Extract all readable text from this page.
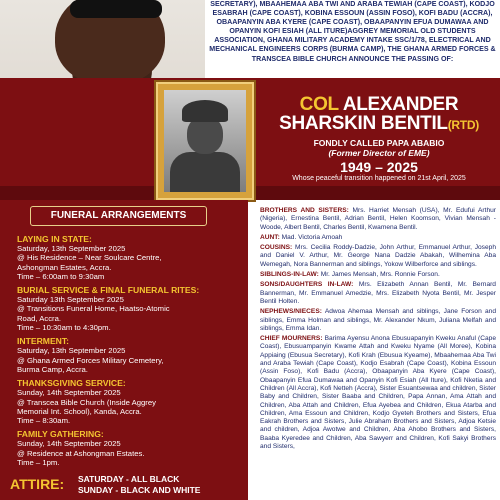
SECRETARY), MBAAHEMAA ABA TWI AND ARABA TEWIAH (CAPE COAST), KODJO ESABRAH (CAPE COAST), KOBINA ESSOUN (ASSIN FOSO), KOFI BADU (ACCRA), OBAAPANYIN ABA KYERE (CAPE COAST), OBAAPANYIN EFUA DUMAWAA AND OPANYIN KOFI ESIAH (ALL ITURE)AGGREY MEMORIAL OLD STUDENTS ASSOCIATION, GHANA MILITARY ACADEMY INTAKE SSC/1/78, ELECTRICAL AND MECHANICAL ENGINEERS CORPS (BURMA CAMP), THE GHANA ARMED FORCES & TRANSCEA BIBLE CHURCH ANNOUNCE THE PASSING OF:
COL ALEXANDER
SHARSKIN BENTIL(RTD)
FONDLY CALLED PAPA ABABIO
(Former Director of EME)
1949 – 2025
Whose peaceful transition happened on 21st April, 2025
FUNERAL ARRANGEMENTS
LAYING IN STATE:
Saturday, 13th September 2025
@ His Residence – Near Soulcare Centre,
Ashongman Estates, Accra.
Time – 6:00am to 9:30am
BURIAL SERVICE & FINAL FUNERAL RITES:
Saturday 13th September 2025
@ Transitions Funeral Home, Haatso-Atomic
Road, Accra.
Time – 10:30am to 4:30pm.
INTERMENT:
Saturday, 13th September 2025
@ Ghana Armed Forces Military Cemetery,
Burma Camp, Accra.
THANKSGIVING SERVICE:
Sunday, 14th September 2025
@ Transcea Bible Church (Inside Aggrey
Memorial Int. School), Kanda, Accra.
Time – 8:30am.
FAMILY GATHERING:
Sunday, 14th September 2025
@ Residence at Ashongman Estates.
Time – 1pm.
ATTIRE: SATURDAY - ALL BLACK
SUNDAY - BLACK AND WHITE

BROTHERS AND SISTERS: Mrs. Harriet Mensah (USA), Mr. Edufui Arthur (Nigeria), Ernestina Bentil, Adrian Bentil, Helen Koomson, Vivian Mensah - Woode, Albert Bentil, Charles Bentil, Kwamena Bentil.

AUNT: Mad. Victoria Amoah

COUSINS: Mrs. Cecilia Roddy-Dadzie, John Arthur, Emmanuel Arthur, Joseph and Daniel V. Arthur, Mr. George Nana Dadzie Abakah, Wilhemina Aba Wemegah, Nora Bannerman and siblings, Yokow Wilberforce and siblings.

SIBLINGS-IN-LAW: Mr. James Mensah, Mrs. Ronnie Forson.

SONS/DAUGHTERS IN-LAW: Mrs. Elizabeth Annan Bentil, Mr. Bernard Bannerman, Mr. Emmanuel Amedzie, Mrs. Elizabeth Nyota Bentil, Mr. Jesper Bentil Holten.

NEPHEWS/NIECES: Adwoa Ahemaa Mensah and siblings, Jane Forson and siblings, Emma Holman and siblings, Mr. Alexander Nkum, Juliana Melfah and siblings, Emma Idan.

CHIEF MOURNERS: Barima Ayensu Anona Ebusuapanyin Kweku Anaful (Cape Coast), Ebusuampanyin Kwame Attah and Kweku Nyame (All Moree), Kobina Appiaing (Ebusua Secretary), Kofi Krah (Ebusua Kyeame), Mbaahemaa Aba Twi and Araba Tewiah (Cape Coast), Kodjo Esabrah (Cape Coast), Kobina Essoun (Assin Foso), Kofi Badu (Accra), Obaapanyin Aba Kyere (Cape Coast), Obaapanyin Efua Dumawaa and Opanyin Kofi Esiah (All Iture), Kofi Nketia and Children (All Accra), Kofi Netteh (Accra), Sister Esuantsewaa and children, Sister Baby and Children, Sister Baaba and Children, Papa Annan, Ama Attah and Children, Aba Attah and Children, Efua Ayebea and Children, Ekua Atarba and Children, Ama Essoun and Children, Kodjo Gyeteh Brothers and Sisters, Efua Eakrah Brothers and Sisters, Julie Abraham Brothers and Sisters, Adjoa Ketsie and children, Adjoa Awotwe and Children, Aba Ahobo Brothers and Sisters, Baaba Kyeredee and Children, Aba Sawyerr and Children, Kofi Sakyi Brothers and Sisters,
